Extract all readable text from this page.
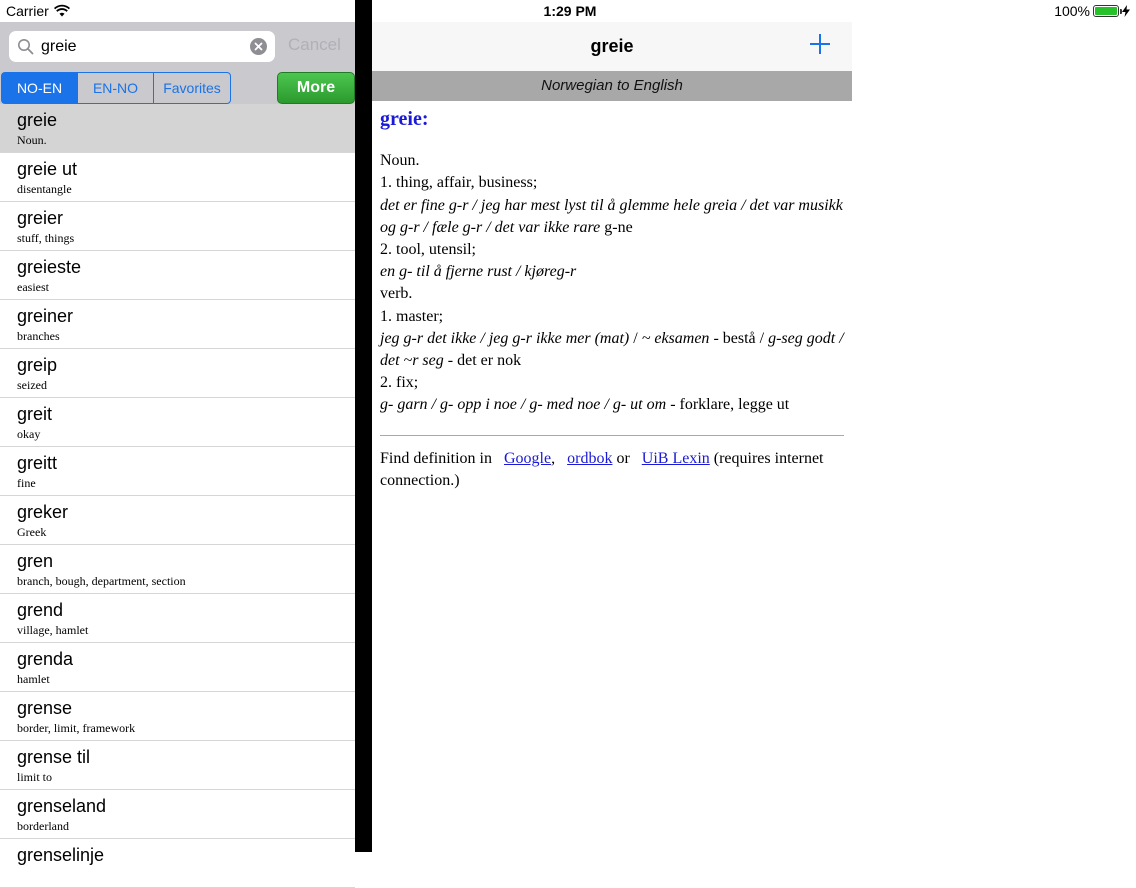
Carrier	1:29 PM	100%
greie
Cancel
NO-EN	EN-NO	Favorites	More
greie
Noun.
greie ut
disentangle
greier
stuff, things
greieste
easiest
greiner
branches
greip
seized
greit
okay
greitt
fine
greker
Greek
gren
branch, bough, department, section
grend
village, hamlet
grenda
hamlet
grense
border, limit, framework
grense til
limit to
grenseland
borderland
grenselinje
greie
Norwegian to English
greie:
Noun.
1. thing, affair, business;
det er fine g-r / jeg har mest lyst til å glemme hele greia / det var musikk og g-r / fæle g-r / det var ikke rare g-ne
2. tool, utensil;
en g- til å fjerne rust / kjøreg-r
verb.
1. master;
jeg g-r det ikke / jeg g-r ikke mer (mat) / ~ eksamen - bestå / g-seg godt / det ~r seg - det er nok
2. fix;
g- garn / g- opp i noe / g- med noe / g- ut om - forklare, legge ut
Find definition in Google, ordbok or UiB Lexin (requires internet connection.)
